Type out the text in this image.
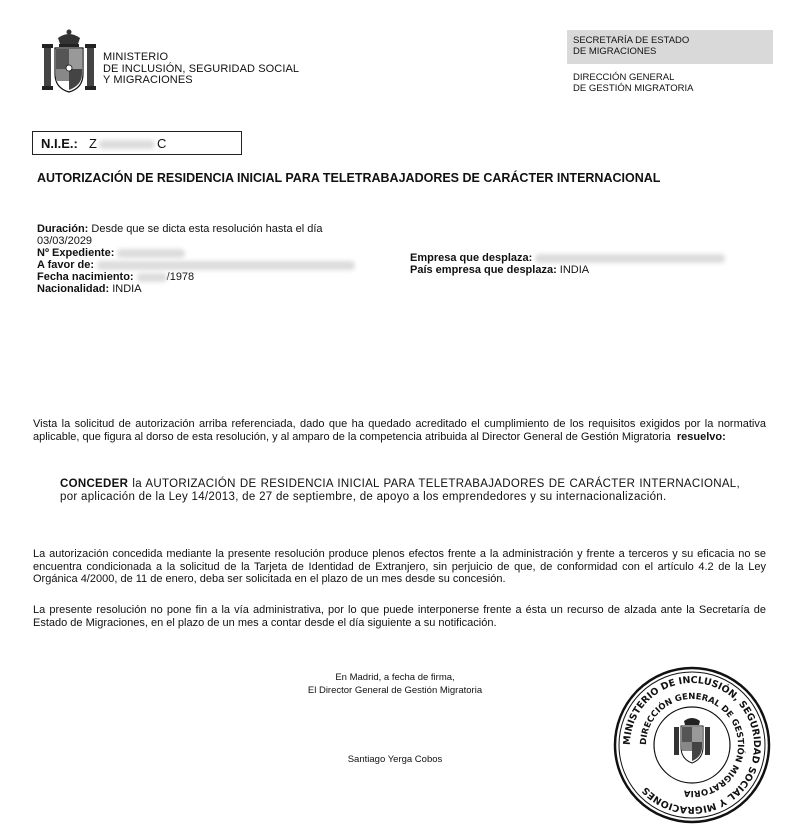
MINISTERIO
DE INCLUSIÓN, SEGURIDAD SOCIAL
Y MIGRACIONES
SECRETARÍA DE ESTADO
DE MIGRACIONES
DIRECCIÓN GENERAL
DE GESTIÓN MIGRATORIA
N.I.E.: Z	C
AUTORIZACIÓN DE RESIDENCIA INICIAL PARA TELETRABAJADORES DE CARÁCTER INTERNACIONAL
Duración: Desde que se dicta esta resolución hasta el día
03/03/2029
Nº Expediente:
A favor de:
Fecha nacimiento:	/1978
Nacionalidad: INDIA
Empresa que desplaza:
País empresa que desplaza: INDIA
Vista la solicitud de autorización arriba referenciada, dado que ha quedado acreditado el cumplimiento de los requisitos exigidos por la normativa aplicable, que figura al dorso de esta resolución, y al amparo de la competencia atribuida al Director General de Gestión Migratoria resuelvo:
CONCEDER la AUTORIZACIÓN DE RESIDENCIA INICIAL PARA TELETRABAJADORES DE CARÁCTER INTERNACIONAL, por aplicación de la Ley 14/2013, de 27 de septiembre, de apoyo a los emprendedores y su internacionalización.
La autorización concedida mediante la presente resolución produce plenos efectos frente a la administración y frente a terceros y su eficacia no se encuentra condicionada a la solicitud de la Tarjeta de Identidad de Extranjero, sin perjuicio de que, de conformidad con el artículo 4.2 de la Ley Orgánica 4/2000, de 11 de enero, deba ser solicitada en el plazo de un mes desde su concesión.
La presente resolución no pone fin a la vía administrativa, por lo que puede interponerse frente a ésta un recurso de alzada ante la Secretaría de Estado de Migraciones, en el plazo de un mes a contar desde el día siguiente a su notificación.
En Madrid, a fecha de firma,
El Director General de Gestión Migratoria
Santiago Yerga Cobos
MINISTERIO DE INCLUSIÓN, SEGURIDAD SOCIAL Y MIGRACIONES
DIRECCIÓN GENERAL DE GESTIÓN MIGRATORIA
